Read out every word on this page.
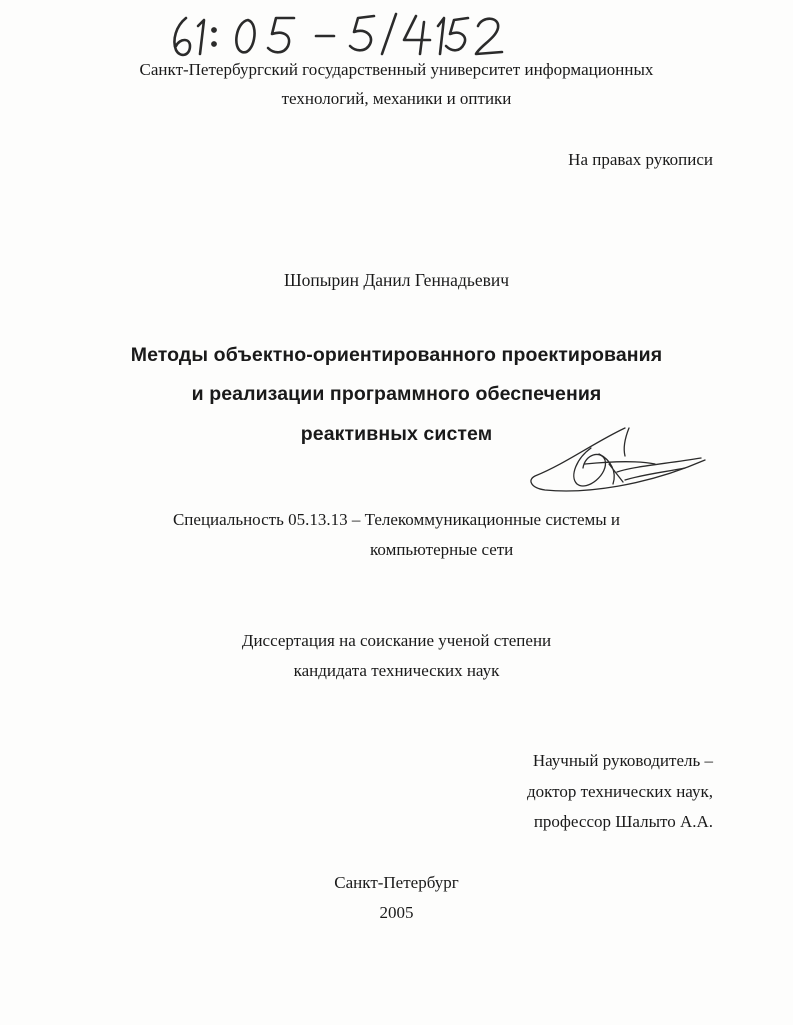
Санкт-Петербургский государственный университет информационных
технологий, механики и оптики
На правах рукописи
Шопырин Данил Геннадьевич
Методы объектно-ориентированного проектирования
и реализации программного обеспечения
реактивных систем
Специальность 05.13.13 – Телекоммуникационные системы и
компьютерные сети
Диссертация на соискание ученой степени
кандидата технических наук
Научный руководитель –
доктор технических наук,
профессор Шалыто А.А.
Санкт-Петербург
2005
